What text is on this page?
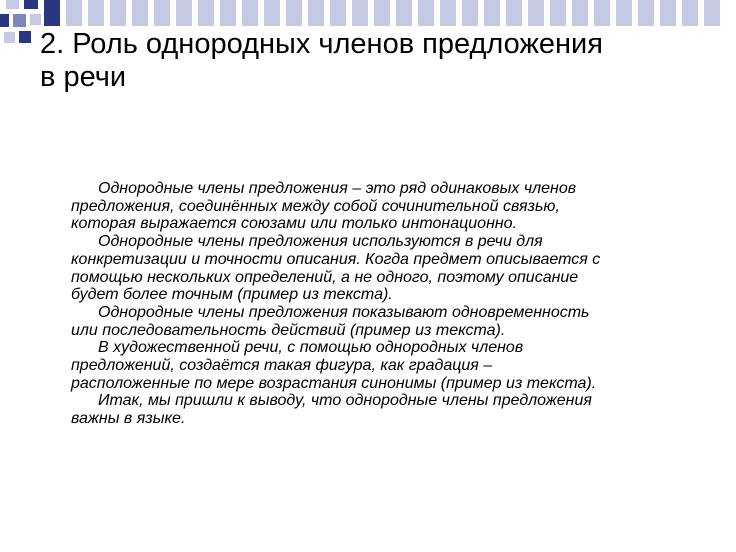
2. Роль однородных членов предложения
в речи

Однородные члены предложения – это ряд одинаковых членов
предложения, соединённых между собой сочинительной связью,
которая выражается союзами или только интонационно.

Однородные члены предложения используются в речи для
конкретизации и точности описания. Когда предмет описывается с
помощью нескольких определений, а не одного, поэтому описание
будет более точным (пример из текста).

Однородные члены предложения показывают одновременность
или последовательность действий (пример из текста).

В художественной речи, с помощью однородных членов
предложений, создаётся такая фигура, как градация –
расположенные по мере возрастания синонимы (пример из текста).

Итак, мы пришли к выводу, что однородные члены предложения
важны в языке.
